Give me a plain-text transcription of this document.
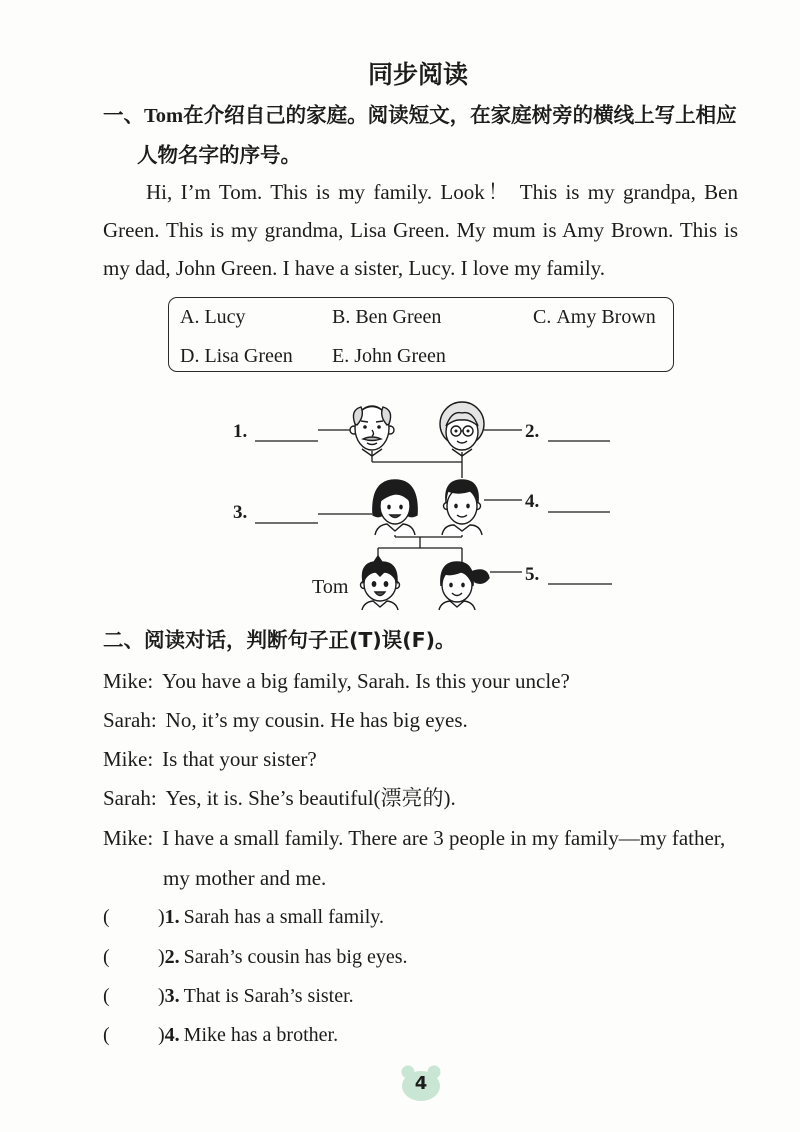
同步阅读
一、Tom在介绍自己的家庭。阅读短文，在家庭树旁的横线上写上相应
人物名字的序号。
Hi, I’m Tom. This is my family. Look！ This is my grandpa, Ben
Green. This is my grandma, Lisa Green. My mum is Amy Brown. This is
my dad, John Green. I have a sister, Lucy. I love my family.
A. Lucy	B. Ben Green	C. Amy Brown
D. Lisa Green E. John Green
1.	2.
3.
4.
5.
Tom
二、阅读对话，判断句子正(T)误(F)。
Mike: You have a big family, Sarah. Is this your uncle?
Sarah: No, it’s my cousin. He has big eyes.
Mike: Is that your sister?
Sarah: Yes, it is. She’s beautiful(漂亮的).
Mike: I have a small family. There are 3 people in my family—my father,
my mother and me.
( )1. Sarah has a small family.
( )2. Sarah’s cousin has big eyes.
( )3. That is Sarah’s sister.
( )4. Mike has a brother.
4
